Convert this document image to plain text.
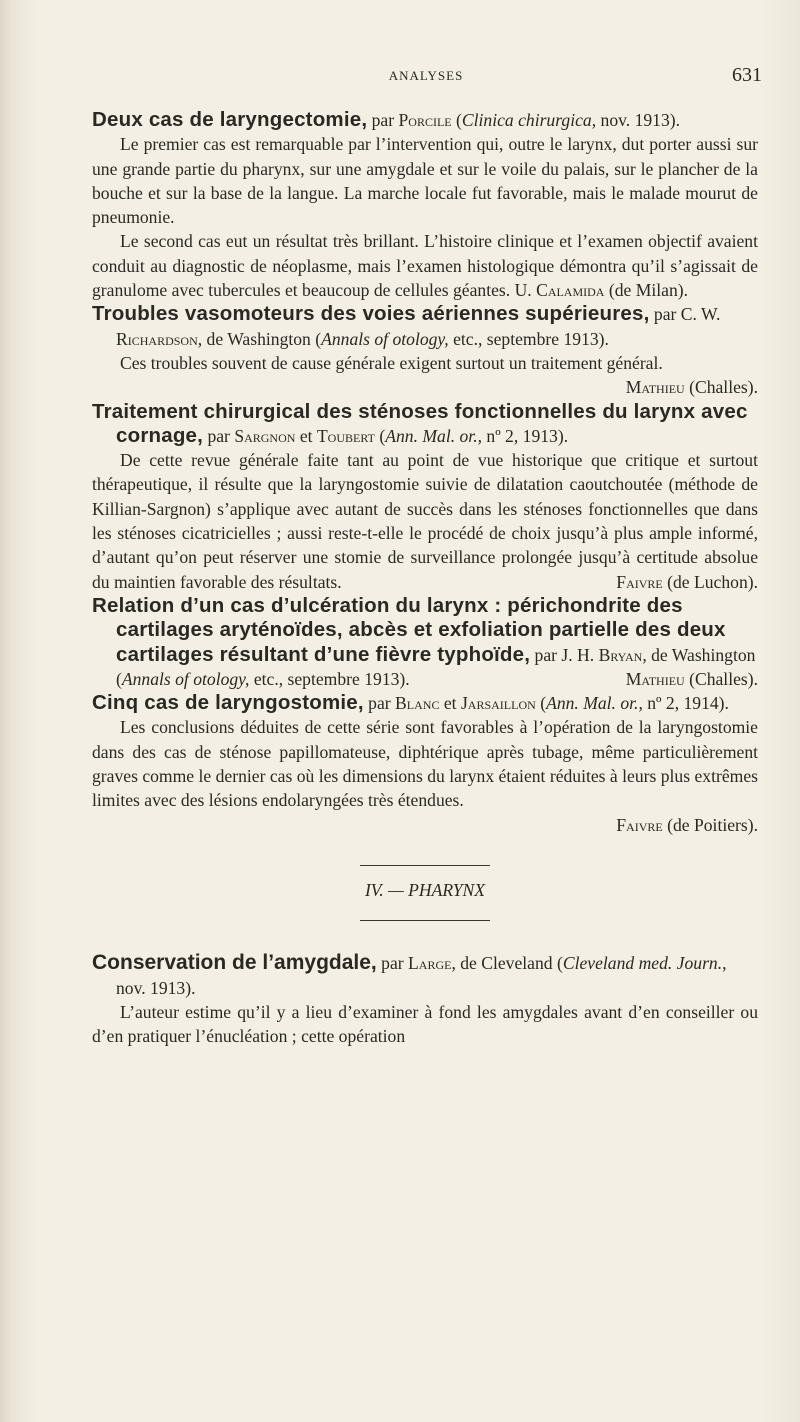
ANALYSES	631

Deux cas de laryngectomie, par Porcile (Clinica chirurgica, nov. 1913).

Le premier cas est remarquable par l’intervention qui, outre le larynx, dut porter aussi sur une grande partie du pharynx, sur une amygdale et sur le voile du palais, sur le plancher de la bouche et sur la base de la langue. La marche locale fut favorable, mais le malade mourut de pneumonie.

Le second cas eut un résultat très brillant. L’histoire clinique et l’examen objectif avaient conduit au diagnostic de néoplasme, mais l’examen histologique démontra qu’il s’agissait de granulome avec tubercules et beaucoup de cellules géantes. U. Calamida (de Milan).

Troubles vasomoteurs des voies aériennes supérieures, par C. W. Richardson, de Washington (Annals of otology, etc., septembre 1913).

Ces troubles souvent de cause générale exigent surtout un traitement général.
Mathieu (Challes).

Traitement chirurgical des sténoses fonctionnelles du larynx avec cornage, par Sargnon et Toubert (Ann. Mal. or., nº 2, 1913).

De cette revue générale faite tant au point de vue historique que critique et surtout thérapeutique, il résulte que la laryngostomie suivie de dilatation caoutchoutée (méthode de Killian-Sargnon) s’applique avec autant de succès dans les sténoses fonctionnelles que dans les sténoses cicatricielles ; aussi reste-t-elle le procédé de choix jusqu’à plus ample informé, d’autant qu’on peut réserver une stomie de surveillance prolongée jusqu’à certitude absolue du maintien favorable des résultats.	Faivre (de Luchon).

Relation d’un cas d’ulcération du larynx : périchondrite des cartilages aryténoïdes, abcès et exfoliation partielle des deux cartilages résultant d’une fièvre typhoïde, par J. H. Bryan, de Washington (Annals of otology, etc., septembre 1913).	Mathieu (Challes).

Cinq cas de laryngostomie, par Blanc et Jarsaillon (Ann. Mal. or., nº 2, 1914).

Les conclusions déduites de cette série sont favorables à l’opération de la laryngostomie dans des cas de sténose papillomateuse, diphtérique après tubage, même particulièrement graves comme le dernier cas où les dimensions du larynx étaient réduites à leurs plus extrêmes limites avec des lésions endolaryngées très étendues.

Faivre (de Poitiers).

IV. — PHARYNX

Conservation de l’amygdale, par Large, de Cleveland (Cleveland med. Journ., nov. 1913).

L’auteur estime qu’il y a lieu d’examiner à fond les amygdales avant d’en conseiller ou d’en pratiquer l’énucléation ; cette opération
